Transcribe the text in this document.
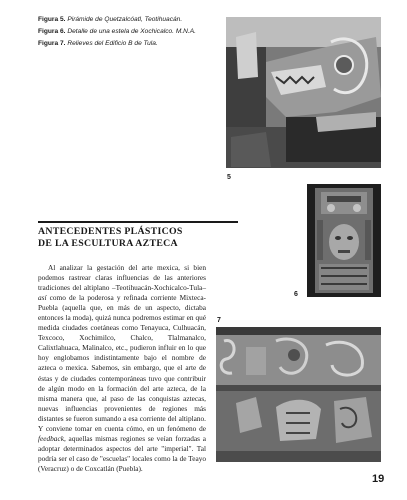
Figura 5. Pirámide de Quetzalcóatl, Teotihuacán.
Figura 6. Detalle de una estela de Xochicalco. M.N.A.
Figura 7. Relieves del Edificio B de Tula.
5
6
ANTECEDENTES PLÁSTICOS
DE LA ESCULTURA AZTECA

Al analizar la gestación del arte mexica, si bien podemos rastrear claras influencias de las anteriores tradiciones del altiplano –Teotihuacán-Xochicalco-Tula– así como de la poderosa y refinada corriente Mixteca-Puebla (aquella que, en más de un aspecto, dictaba entonces la moda), quizá nunca podremos estimar en qué medida ciudades coetáneas como Tenayuca, Culhuacán, Texcoco, Xochimilco, Chalco, Tlalmanalco, Calixtlahuaca, Malinalco, etc., pudieron influir en lo que hoy englobamos indistintamente bajo el nombre de azteca o mexica. Sabemos, sin embargo, que el arte de éstas y de ciudades contemporáneas tuvo que contribuir de algún modo en la formación del arte azteca, de la misma manera que, al paso de las conquistas aztecas, nuevas influencias provenientes de regiones más distantes se fueron sumando a esa corriente del altiplano. Y conviene tomar en cuenta cómo, en un fenómeno de feedback, aquellas mismas regiones se veían forzadas a adoptar determinados aspectos del arte "imperial". Tal podría ser el caso de "escuelas" locales como la de Teayo (Veracruz) o de Coxcatlán (Puebla).

7
19
